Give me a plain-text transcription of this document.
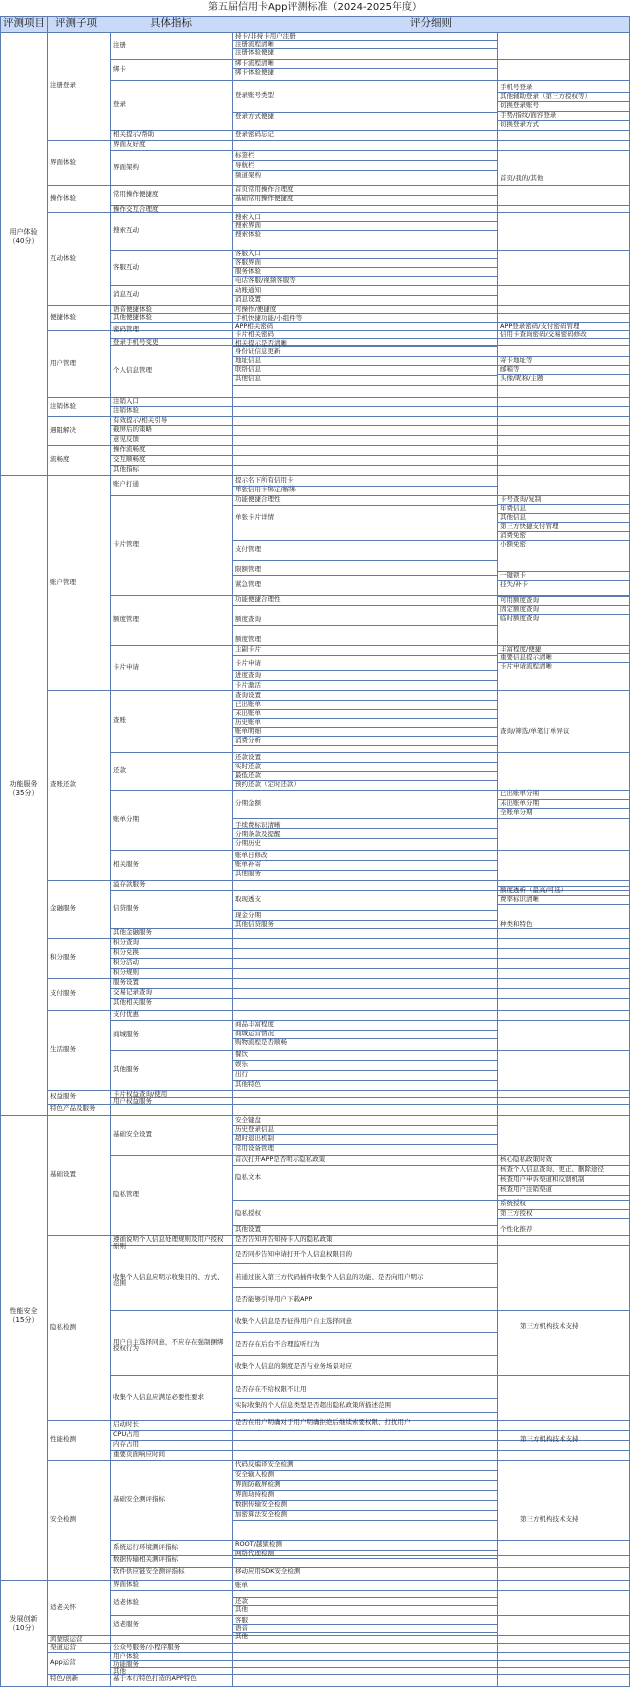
第五届信用卡App评测标准（2024-2025年度）
评测项目 评测子项	具体指标	评分细则
注册登录
界面体验
操作体验
互动体验
便捷体验
用户管理
注销体验
遇阻解决
流畅度
账户管理
查账还款
金融服务
积分服务
支付服务
生活服务
权益服务
特色产品及服务
基础设置
隐私检测
性能检测
安全检测
适老关怀
鸿蒙版运营
渠道运营
App运营
特色/创新
注册
绑卡
登录
相关提示/帮助
界面友好度
界面架构
常用操作便捷度
操作交互合理度
搜索互动
客服互动
消息互动
语音便捷体验
其他便捷体验
密码管理
登录手机号变更
个人信息管理
注销入口
注销体验
有效提示/相关引导
截屏后的策略
意见反馈
操作流畅度
交互顺畅度
其他指标
账户打通
卡片管理
额度管理
卡片申请
查账
还款
账单分期
相关服务
溢存款服务
信贷服务
其他金融服务
积分查询
积分兑换
积分活动
积分规则
服务设置
交易记录查询
其他相关服务
支付优惠
商城服务
其他服务
卡片权益查询/使用
用户权益服务
基础安全设置
隐私管理
遵循说明个人信息处理规则及用户授权原则
收集个人信息应明示收集目的、方式、范围
用户自主选择同意，不应存在强制捆绑授权行为
收集个人信息应满足必要性要求
启动时长
CPU占用
内存占用
重要页面响应时间
基础安全测评指标
系统运行环境测评指标
数据传输相关测评指标
软件供应链安全测评指标
界面体验
适老体验
适老服务
公众号服务/小程序服务
用户体验
功能服务
其他
基于本行特色打造的APP特色
持卡/非持卡用户注册
注册流程清晰
注册体验便捷
绑卡流程清晰
绑卡体验便捷
登录账号类型
登录方式便捷
登录密码忘记
标签栏
导航栏
频道架构
首页常用操作合理度
基础常用操作便捷度
搜索入口
搜索界面
搜索体验
客服入口
客服界面
服务体验
电话客服/视频客服等
动账通知
消息设置
可操作/便捷度
手机快捷功能/小组件等
APP相关密码
卡片相关密码
相关提示是否清晰
身份证信息更新
地址信息
联络信息
其他信息
提示名下所有信用卡
单张信用卡绑定/解绑
功能便捷合理性
单张卡片详情
支付管理
限额管理
紧急管理
功能便捷合理性
额度查询
额度管理
主副卡片
卡片申请
进度查询
卡片激活
查询设置
已出账单
未出账单
历史账单
账单明细
消费分析
还款设置
实时还款
最低还款
预约还款（定时还款）
分期金额
手续费标识清晰
分期条款及提醒
分期历史
账单日修改
账单补寄
其他服务
取现透支
现金分期
其他信贷服务
商品丰富程度
商城运营情况
购物流程是否顺畅
餐饮
娱乐
出行
其他特色
安全键盘
历史登录信息
超时退出机制
常用设备管理
首次打开APP是否明示隐私政策
隐私文本
隐私授权
其他设置
是否告知并告知持卡人的隐私政策
是否同步告知申请打开个人信息权限目的
若通过嵌入第三方代码插件收集个人信息的功能、是否向用户明示
是否能够引导用户下载APP
收集个人信息是否征得用户自主选择同意
是否存在后台不合理监听行为
收集个人信息的频度是否与业务场景对应
是否存在不给权限不让用
实际收集的个人信息类型是否超出隐私政策所描述范围
是否在用户明确对于用户明确拒绝后继续索要权限、打扰用户
代码反编译安全检测
安全输入检测
界面防截屏检测
界面劫持检测
数据传输安全检测
加密算法安全检测
ROOT/越狱检测
网络代理检测
移动应用SDK安全检测
账单
还款
其他
客服
语音
其他
手机号登录
其他辅助登录（第三方授权等）
切换登录账号
手势/指纹/面容登录
切换登录方式
首页/我的/其他
APP登录密码/支付密码管理
信用卡查询密码/交易密码修改
寄卡地址等
邮箱等
头像/昵称/主题
卡号查询/复制
年费信息
其他信息
第三方快捷支付管理
消费免密
小额免密
一键锁卡
挂失/补卡
可用额度查询
固定额度查询
临时额度查询
丰富程度/便捷
重要信息提示清晰
卡片申请流程清晰
查询/筛选/单笔订单异议
已出账单分期
未出账单分期
全账单分期
额度透析（最高/可选）
费率标识清晰
种类和特色
核心隐私政策时效
核查个人信息查询、更正、删除途径
核查用户申诉渠道和反馈机制
核查用户注销渠道
系统授权
第三方授权
个性化推荐
第三方机构技术支持
第三方机构技术支持
第三方机构技术支持
用户体验
（40分）
功能服务
（35分）
性能安全
（15分）
发展创新
（10分）
